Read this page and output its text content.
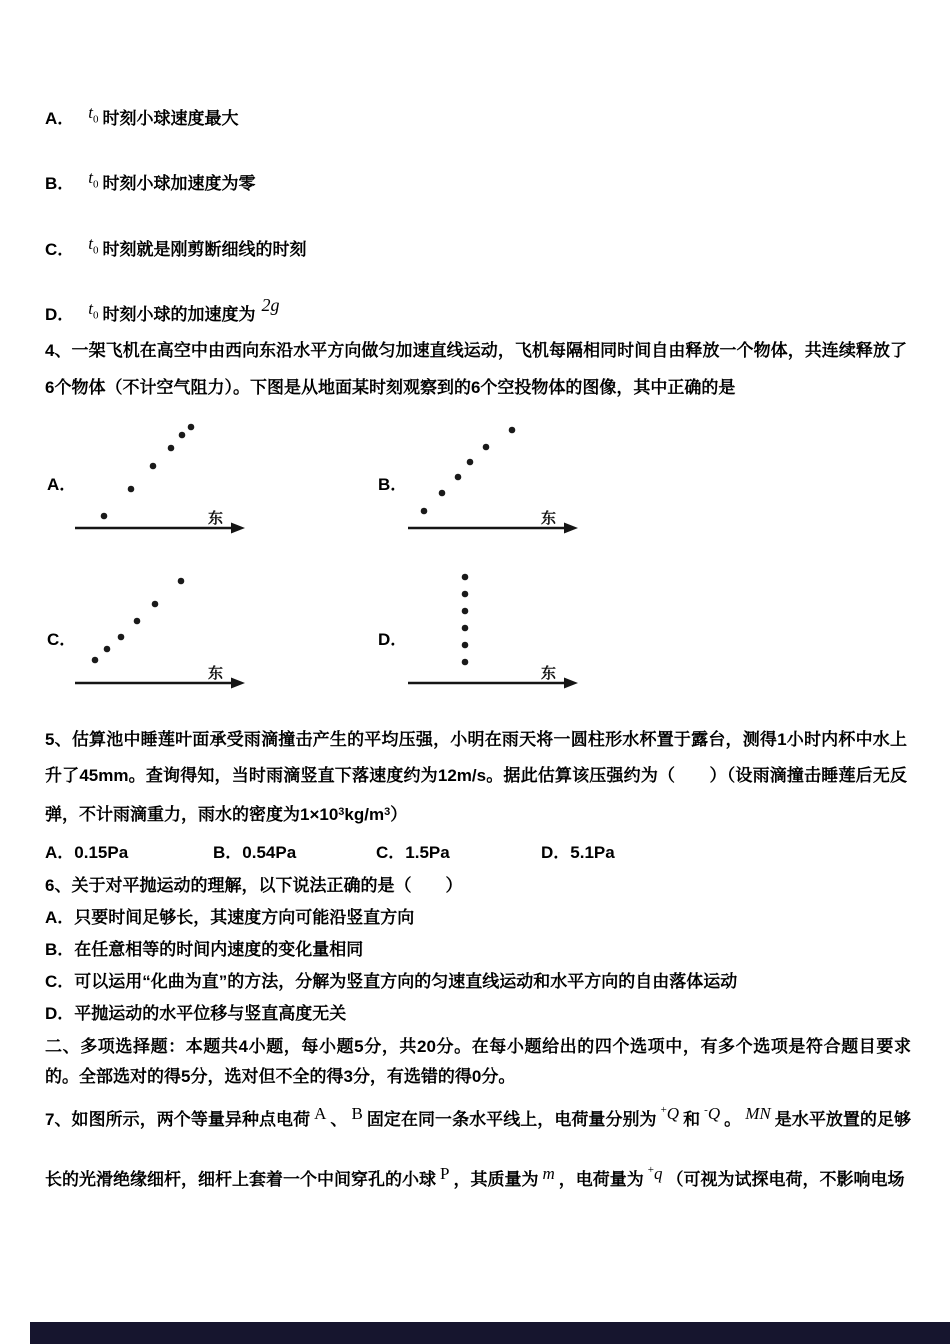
A． $t_0$ 时刻小球速度最大
B． $t_0$ 时刻小球加速度为零
C． $t_0$ 时刻就是刚剪断细线的时刻
D． $t_0$ 时刻小球的加速度为 2g

4、一架飞机在高空中由西向东沿水平方向做匀加速直线运动，飞机每隔相同时间自由释放一个物体，共连续释放了6个物体（不计空气阻力）。下图是从地面某时刻观察到的6个空投物体的图像，其中正确的是

A．
东
B．
东
C．
东
D．
东

5、估算池中睡莲叶面承受雨滴撞击产生的平均压强，小明在雨天将一圆柱形水杯置于露台，测得1小时内杯中水上升了45mm。查询得知，当时雨滴竖直下落速度约为12m/s。据此估算该压强约为（　　）（设雨滴撞击睡莲后无反弹，不计雨滴重力，雨水的密度为$1\times 10^3kg/m^3$）

A．0.15Pa	B．0.54Pa	C．1.5Pa	D．5.1Pa
6、关于对平抛运动的理解，以下说法正确的是（　　）
A．只要时间足够长，其速度方向可能沿竖直方向
B．在任意相等的时间内速度的变化量相同
C．可以运用“化曲为直”的方法，分解为竖直方向的匀速直线运动和水平方向的自由落体运动
D．平抛运动的水平位移与竖直高度无关

二、多项选择题：本题共4小题，每小题5分，共20分。在每小题给出的四个选项中，有多个选项是符合题目要求的。全部选对的得5分，选对但不全的得3分，有选错的得0分。

7、如图所示，两个等量异种点电荷 A 、 B 固定在同一条水平线上，电荷量分别为 +Q 和 -Q 。 MN 是水平放置的足够长的光滑绝缘细杆，细杆上套着一个中间穿孔的小球 P ，其质量为 m ，电荷量为 +q （可视为试探电荷，不影响电场
